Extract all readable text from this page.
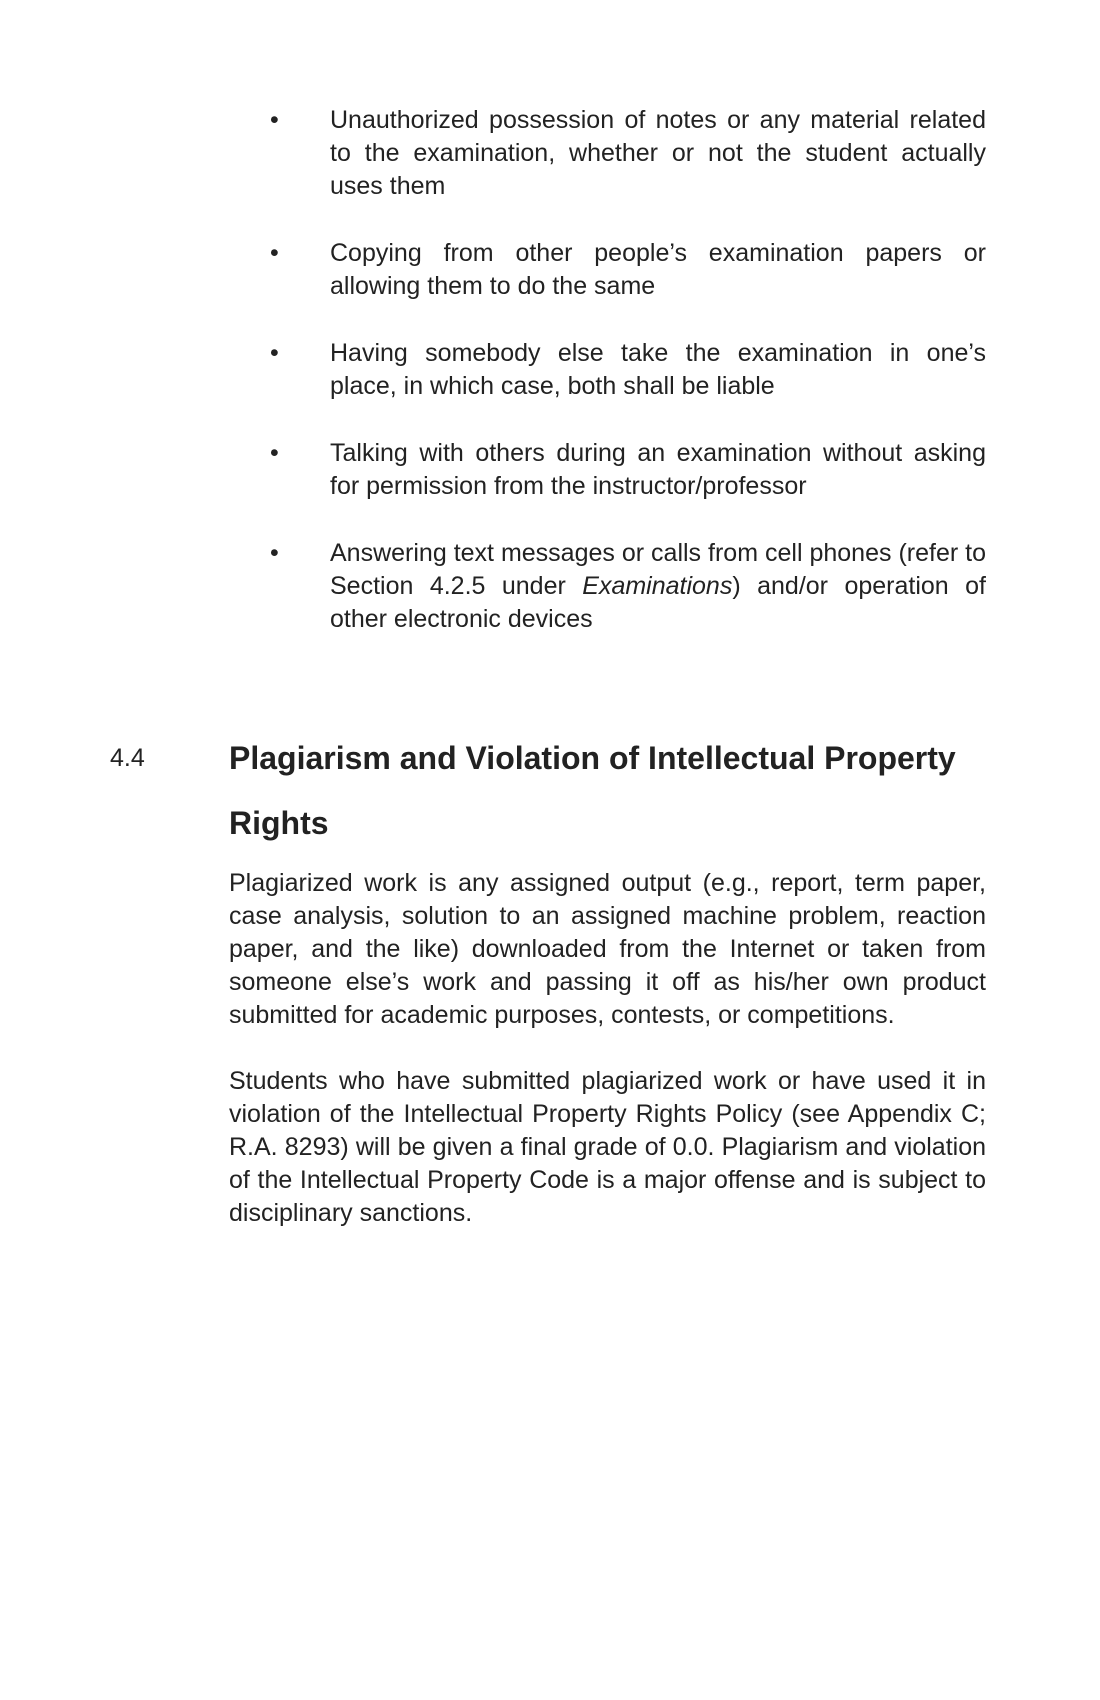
• Unauthorized possession of notes or any material related to the examination, whether or not the student actually uses them
• Copying from other people’s examination papers or allowing them to do the same
• Having somebody else take the examination in one’s place, in which case, both shall be liable
• Talking with others during an examination without asking for permission from the instructor/professor
• Answering text messages or calls from cell phones (refer to Section 4.2.5 under Examinations) and/or operation of other electronic devices
4.4	Plagiarism and Violation of Intellectual Property Rights

Plagiarized work is any assigned output (e.g., report, term paper, case analysis, solution to an assigned machine problem, reaction paper, and the like) downloaded from the Internet or taken from someone else’s work and passing it off as his/her own product submitted for academic purposes, contests, or competitions.

Students who have submitted plagiarized work or have used it in violation of the Intellectual Property Rights Policy (see Appendix C; R.A. 8293) will be given a final grade of 0.0. Plagiarism and violation of the Intellectual Property Code is a major offense and is subject to disciplinary sanctions.
